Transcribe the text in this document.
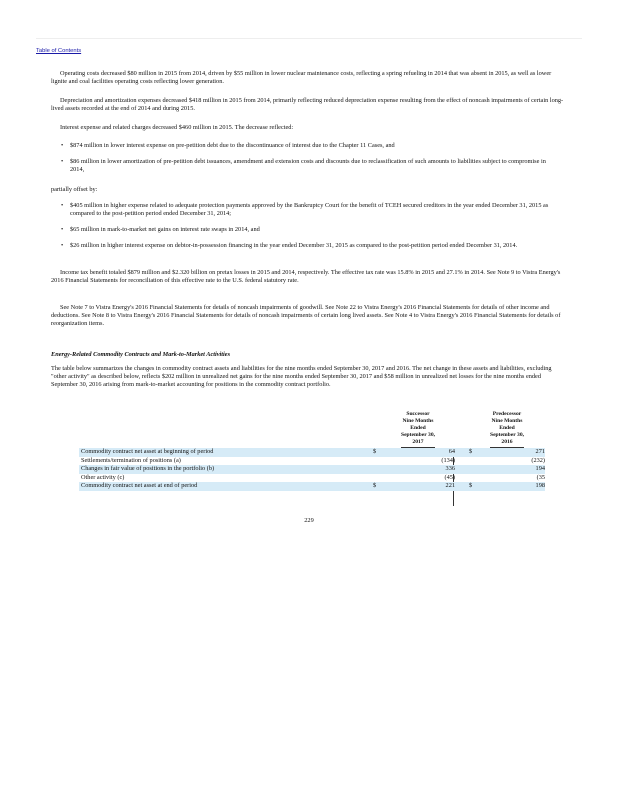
Table of Contents

Operating costs decreased $80 million in 2015 from 2014, driven by $55 million in lower nuclear maintenance costs, reflecting a spring refueling in 2014 that was absent in 2015, as well as lower lignite and coal facilities operating costs reflecting lower generation.

Depreciation and amortization expenses decreased $418 million in 2015 from 2014, primarily reflecting reduced depreciation expense resulting from the effect of noncash impairments of certain long-lived assets recorded at the end of 2014 and during 2015.

Interest expense and related charges decreased $460 million in 2015. The decrease reflected:

• $874 million in lower interest expense on pre-petition debt due to the discontinuance of interest due to the Chapter 11 Cases, and

• $86 million in lower amortization of pre-petition debt issuances, amendment and extension costs and discounts due to reclassification of such amounts to liabilities subject to compromise in 2014,

partially offset by:

• $405 million in higher expense related to adequate protection payments approved by the Bankruptcy Court for the benefit of TCEH secured creditors in the year ended December 31, 2015 as compared to the post-petition period ended December 31, 2014;

• $65 million in mark-to-market net gains on interest rate swaps in 2014, and

• $26 million in higher interest expense on debtor-in-possession financing in the year ended December 31, 2015 as compared to the post-petition period ended December 31, 2014.

Income tax benefit totaled $879 million and $2.320 billion on pretax losses in 2015 and 2014, respectively. The effective tax rate was 15.8% in 2015 and 27.1% in 2014. See Note 9 to Vistra Energy's 2016 Financial Statements for reconciliation of this effective rate to the U.S. federal statutory rate.

See Note 7 to Vistra Energy's 2016 Financial Statements for details of noncash impairments of goodwill. See Note 22 to Vistra Energy's 2016 Financial Statements for details of other income and deductions. See Note 8 to Vistra Energy's 2016 Financial Statements for details of noncash impairments of certain long lived assets. See Note 4 to Vistra Energy's 2016 Financial Statements for details of reorganization items.

Energy-Related Commodity Contracts and Mark-to-Market Activities

The table below summarizes the changes in commodity contract assets and liabilities for the nine months ended September 30, 2017 and 2016. The net change in these assets and liabilities, excluding "other activity" as described below, reflects $202 million in unrealized net gains for the nine months ended September 30, 2017 and $58 million in unrealized net losses for the nine months ended September 30, 2016 arising from mark-to-market accounting for positions in the commodity contract portfolio.

	Successor
Nine Months
Ended
September 30,
2017			Predecessor
Nine Months
Ended
September 30,
2016	
Commodity contract net asset at beginning of period	$	64		$	271
Settlements/termination of positions (a)		(134)			(232)
Changes in fair value of positions in the portfolio (b)		336			194
Other activity (c)		(45)			(35
Commodity contract net asset at end of period	$	221		$	198
229
